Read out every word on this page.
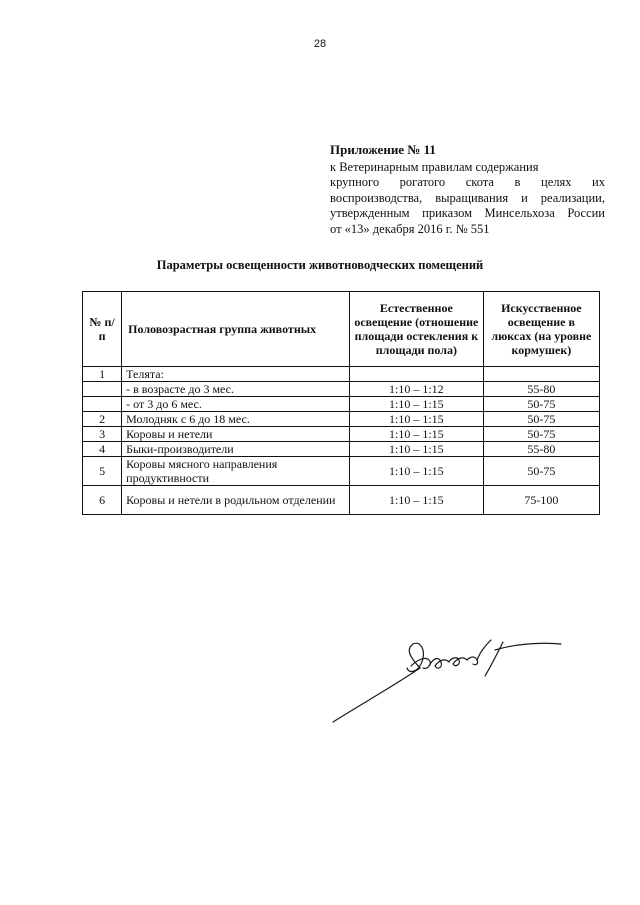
28
Приложение № 11
к Ветеринарным правилам содержания
крупного рогатого скота в целях их
воспроизводства, выращивания и реализации,
утвержденным приказом Минсельхоза России
от «13» декабря 2016 г. № 551
Параметры освещенности животноводческих помещений
№ п/п	Половозрастная группа животных	Естественное освещение (отношение площади остекления к площади пола)	Искусственное освещение в люксах (на уровне кормушек)
1	Телята:		
	- в возрасте до 3 мес.	1:10 – 1:12	55-80
	- от 3 до 6 мес.	1:10 – 1:15	50-75
2	Молодняк с 6 до 18 мес.	1:10 – 1:15	50-75
3	Коровы и нетели	1:10 – 1:15	50-75
4	Быки-производители	1:10 – 1:15	55-80
5	Коровы мясного направления продуктивности	1:10 – 1:15	50-75
6	Коровы и нетели в родильном отделении	1:10 – 1:15	75-100
